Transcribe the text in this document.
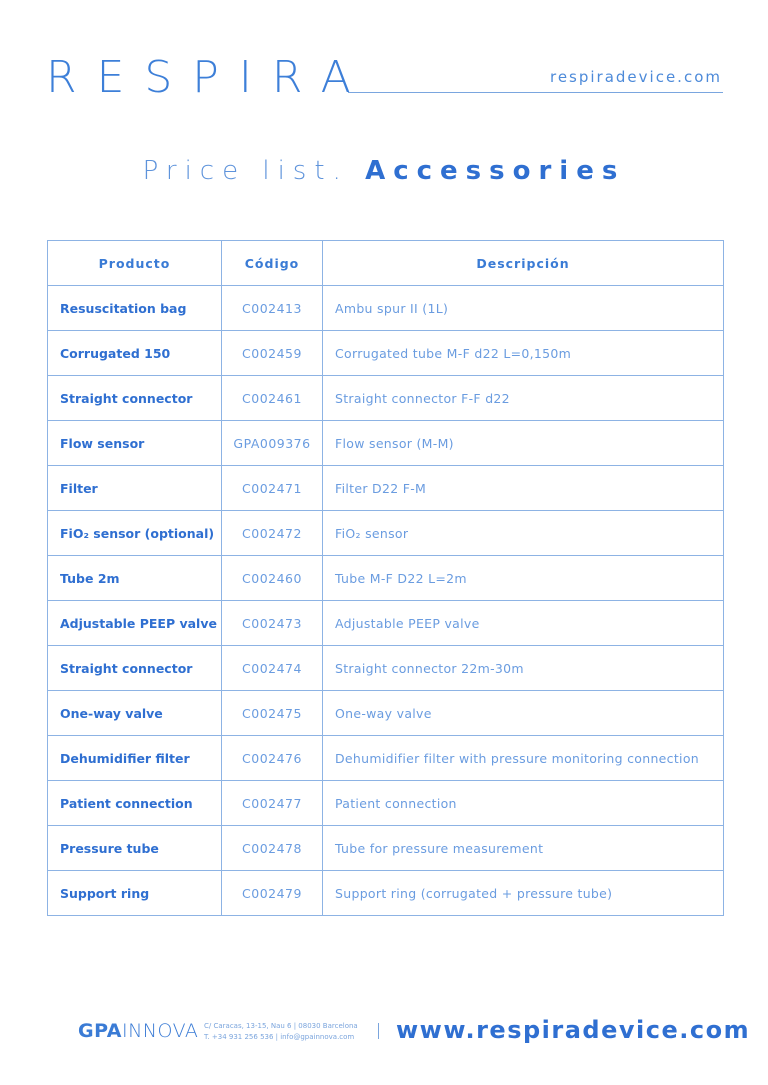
RESPIRA	respiradevice.com
Price list. Accessories
Producto	Código	Descripción
Resuscitation bag	C002413	Ambu spur II (1L)
Corrugated 150	C002459	Corrugated tube M-F d22 L=0,150m
Straight connector	C002461	Straight connector F-F d22
Flow sensor	GPA009376	Flow sensor (M-M)
Filter	C002471	Filter D22 F-M
FiO₂ sensor (optional)	C002472	FiO₂ sensor
Tube 2m	C002460	Tube M-F D22 L=2m
Adjustable PEEP valve	C002473	Adjustable PEEP valve
Straight connector	C002474	Straight connector 22m-30m
One-way valve	C002475	One-way valve
Dehumidifier filter	C002476	Dehumidifier filter with pressure monitoring connection
Patient connection	C002477	Patient connection
Pressure tube	C002478	Tube for pressure measurement
Support ring	C002479	Support ring (corrugated + pressure tube)
GPAINNOVA C/ Caracas, 13-15, Nau 6 | 08030 Barcelona
T. +34 931 256 536 | info@gpainnova.com www.respiradevice.com
